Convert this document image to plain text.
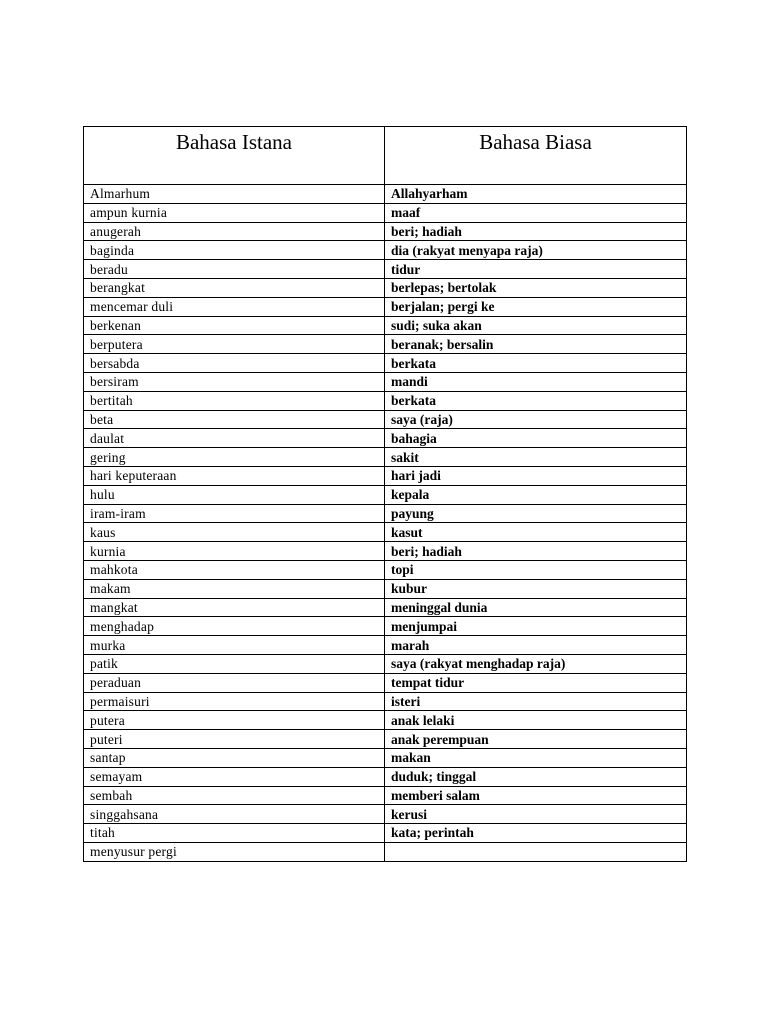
Bahasa Istana	Bahasa Biasa
Almarhum	Allahyarham
ampun kurnia	maaf
anugerah	beri; hadiah
baginda	dia (rakyat menyapa raja)
beradu	tidur
berangkat	berlepas; bertolak
mencemar duli	berjalan; pergi ke
berkenan	sudi; suka akan
berputera	beranak; bersalin
bersabda	berkata
bersiram	mandi
bertitah	berkata
beta	saya (raja)
daulat	bahagia
gering	sakit
hari keputeraan	hari jadi
hulu	kepala
iram-iram	payung
kaus	kasut
kurnia	beri; hadiah
mahkota	topi
makam	kubur
mangkat	meninggal dunia
menghadap	menjumpai
murka	marah
patik	saya (rakyat menghadap raja)
peraduan	tempat tidur
permaisuri	isteri
putera	anak lelaki
puteri	anak perempuan
santap	makan
semayam	duduk; tinggal
sembah	memberi salam
singgahsana	kerusi
titah	kata; perintah
menyusur pergi	
